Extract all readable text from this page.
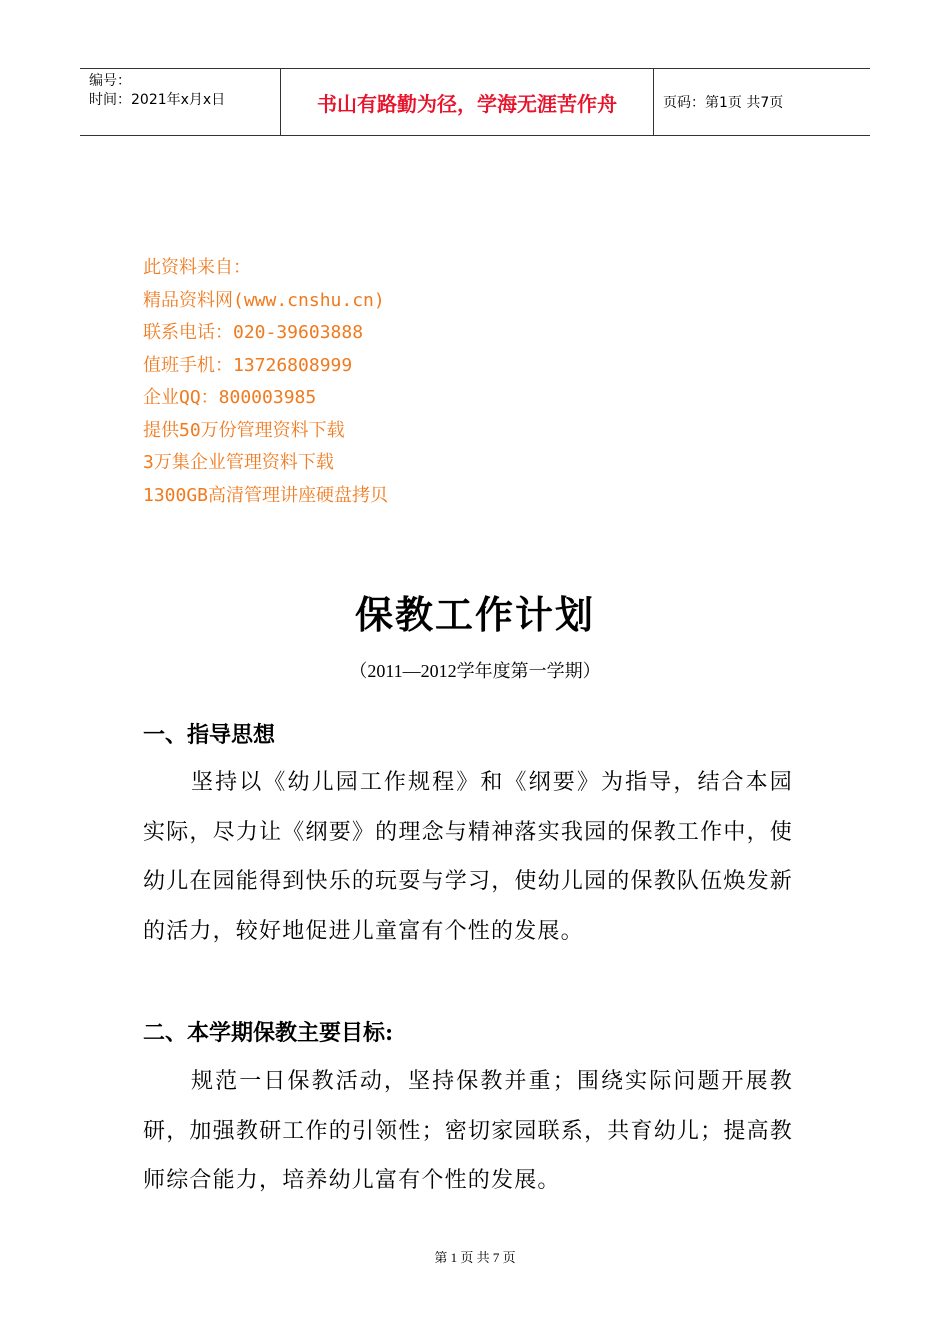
编号：
时间：2021年x月x日	书山有路勤为径，学海无涯苦作舟	页码：第1页 共7页
此资料来自：
精品资料网(www.cnshu.cn)
联系电话：020-39603888
值班手机：13726808999
企业QQ：800003985
提供50万份管理资料下载
3万集企业管理资料下载
1300GB高清管理讲座硬盘拷贝
保教工作计划
（2011—2012学年度第一学期）
一、指导思想
坚持以《幼儿园工作规程》和《纲要》为指导，结合本园实际，尽力让《纲要》的理念与精神落实我园的保教工作中，使幼儿在园能得到快乐的玩耍与学习，使幼儿园的保教队伍焕发新的活力，较好地促进儿童富有个性的发展。
二、本学期保教主要目标:
规范一日保教活动，坚持保教并重；围绕实际问题开展教研，加强教研工作的引领性；密切家园联系，共育幼儿；提高教师综合能力，培养幼儿富有个性的发展。
第 1 页 共 7 页
